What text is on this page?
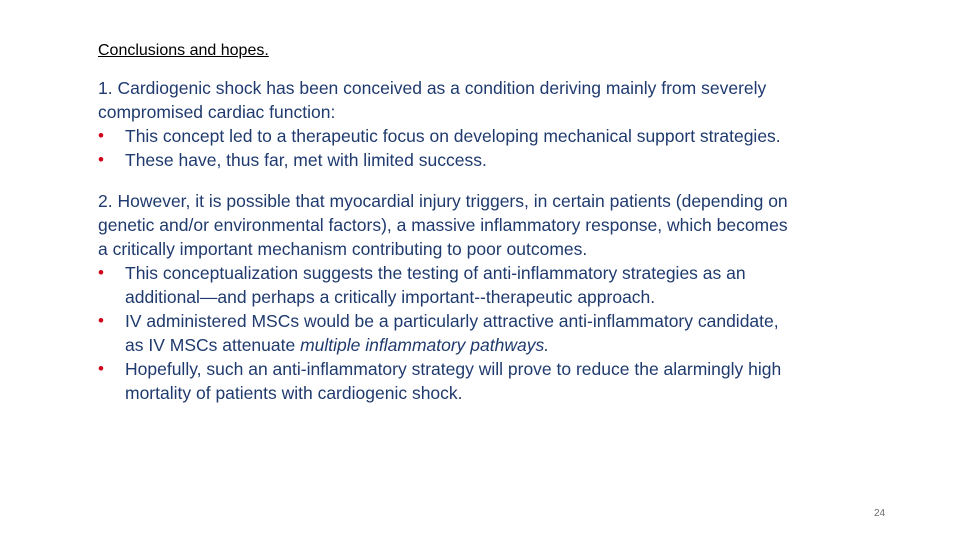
Conclusions and hopes.
1. Cardiogenic shock has been conceived as a condition deriving mainly from severely compromised cardiac function:
• This concept led to a therapeutic focus on developing mechanical support strategies.
• These have, thus far, met with limited success.
2. However, it is possible that myocardial injury triggers, in certain patients (depending on genetic and/or environmental factors), a massive inflammatory response, which becomes a critically important mechanism contributing to poor outcomes.
• This conceptualization suggests the testing of anti-inflammatory strategies as an additional—and perhaps a critically important--therapeutic approach.
• IV administered MSCs would be a particularly attractive anti-inflammatory candidate, as IV MSCs attenuate multiple inflammatory pathways.
• Hopefully, such an anti-inflammatory strategy will prove to reduce the alarmingly high mortality of patients with cardiogenic shock.
24
